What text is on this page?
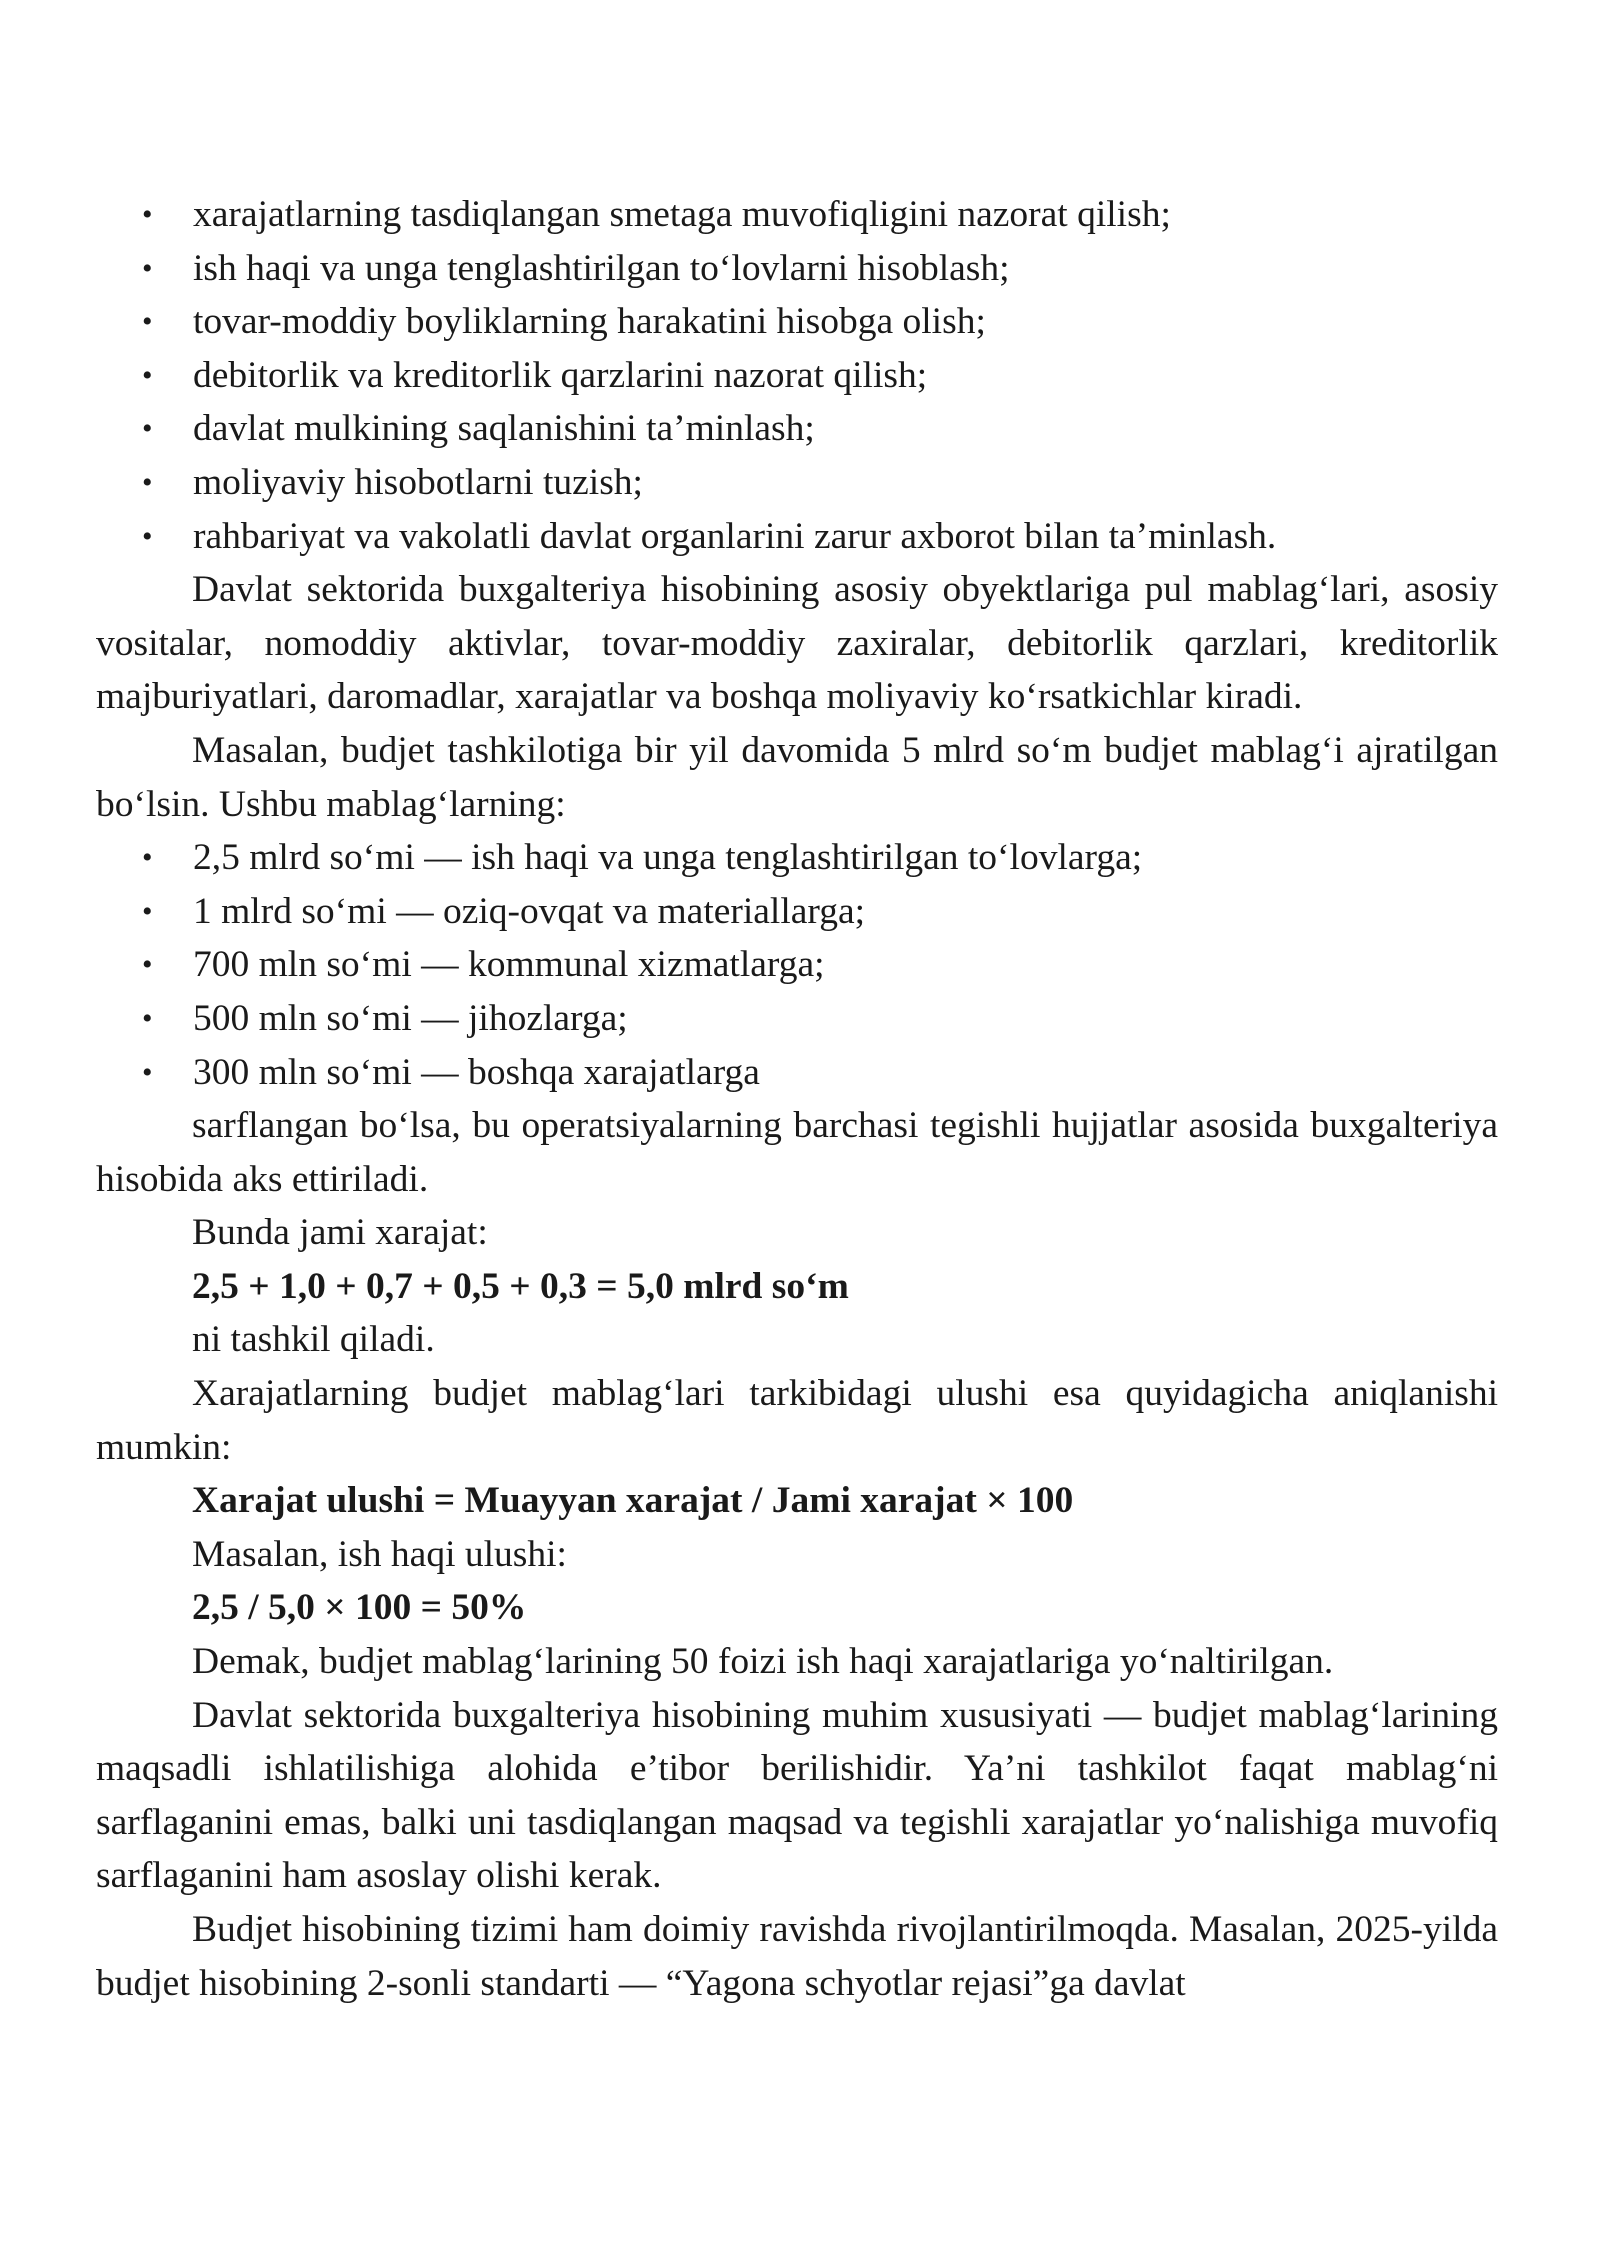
• xarajatlarning tasdiqlangan smetaga muvofiqligini nazorat qilish;
• ish haqi va unga tenglashtirilgan to‘lovlarni hisoblash;
• tovar-moddiy boyliklarning harakatini hisobga olish;
• debitorlik va kreditorlik qarzlarini nazorat qilish;
• davlat mulkining saqlanishini ta’minlash;
• moliyaviy hisobotlarni tuzish;
• rahbariyat va vakolatli davlat organlarini zarur axborot bilan ta’minlash.

Davlat sektorida buxgalteriya hisobining asosiy obyektlariga pul mablag‘lari, asosiy vositalar, nomoddiy aktivlar, tovar-moddiy zaxiralar, debitorlik qarzlari, kreditorlik majburiyatlari, daromadlar, xarajatlar va boshqa moliyaviy ko‘rsatkichlar kiradi.

Masalan, budjet tashkilotiga bir yil davomida 5 mlrd so‘m budjet mablag‘i ajratilgan bo‘lsin. Ushbu mablag‘larning:

• 2,5 mlrd so‘mi — ish haqi va unga tenglashtirilgan to‘lovlarga;
• 1 mlrd so‘mi — oziq-ovqat va materiallarga;
• 700 mln so‘mi — kommunal xizmatlarga;
• 500 mln so‘mi — jihozlarga;
• 300 mln so‘mi — boshqa xarajatlarga

sarflangan bo‘lsa, bu operatsiyalarning barchasi tegishli hujjatlar asosida buxgalteriya hisobida aks ettiriladi.

Bunda jami xarajat:

2,5 + 1,0 + 0,7 + 0,5 + 0,3 = 5,0 mlrd so‘m

ni tashkil qiladi.

Xarajatlarning budjet mablag‘lari tarkibidagi ulushi esa quyidagicha aniqlanishi mumkin:

Xarajat ulushi = Muayyan xarajat / Jami xarajat × 100

Masalan, ish haqi ulushi:

2,5 / 5,0 × 100 = 50%

Demak, budjet mablag‘larining 50 foizi ish haqi xarajatlariga yo‘naltirilgan.

Davlat sektorida buxgalteriya hisobining muhim xususiyati — budjet mablag‘larining maqsadli ishlatilishiga alohida e’tibor berilishidir. Ya’ni tashkilot faqat mablag‘ni sarflaganini emas, balki uni tasdiqlangan maqsad va tegishli xarajatlar yo‘nalishiga muvofiq sarflaganini ham asoslay olishi kerak.

Budjet hisobining tizimi ham doimiy ravishda rivojlantirilmoqda. Masalan, 2025-yilda budjet hisobining 2-sonli standarti — “Yagona schyotlar rejasi”ga davlat
